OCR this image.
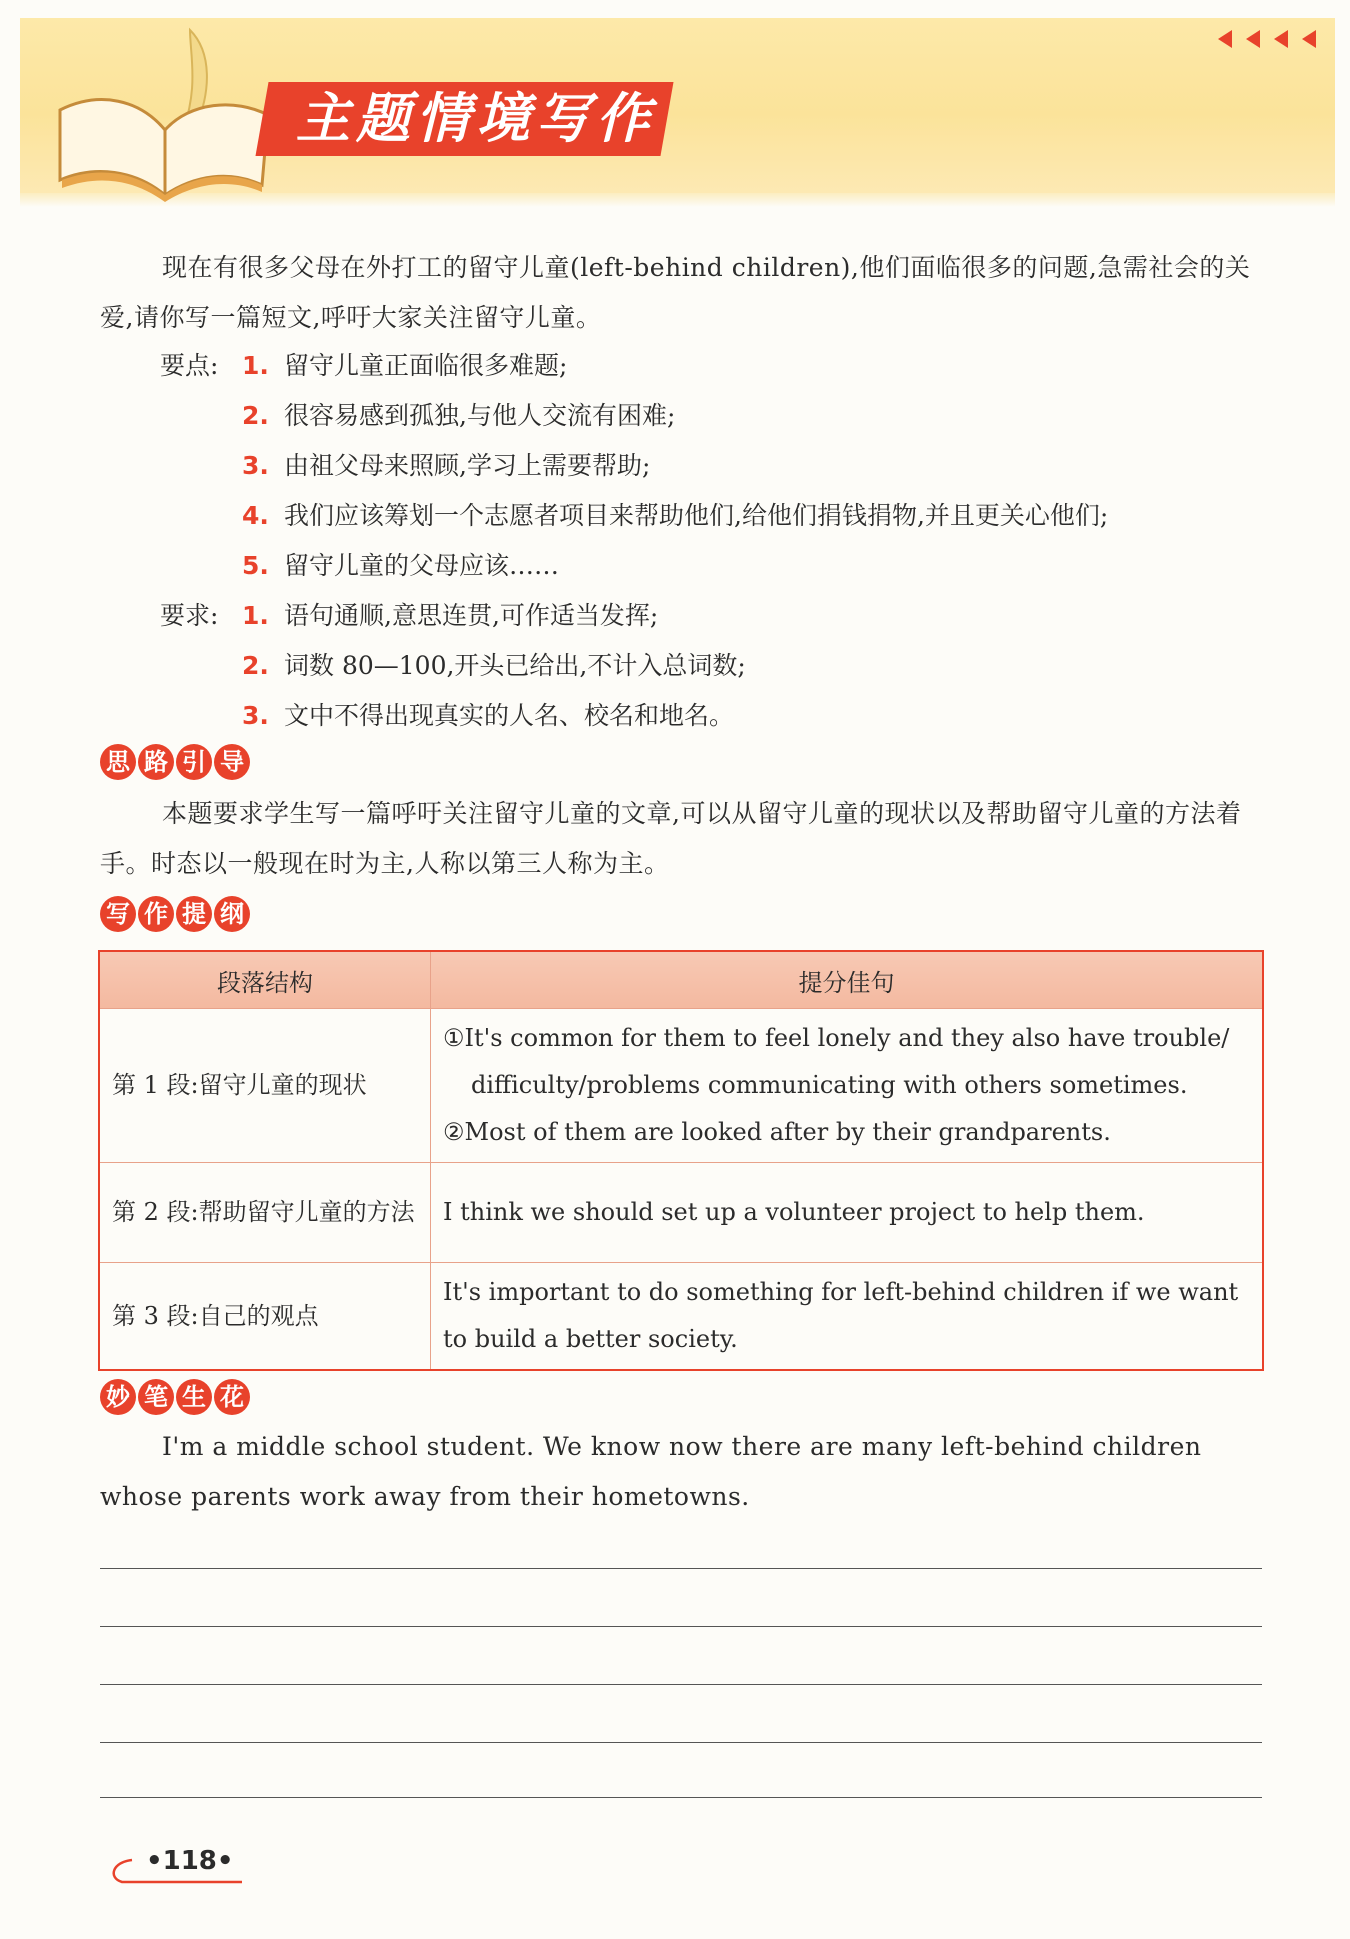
主题情境写作
现在有很多父母在外打工的留守儿童(left-behind children),他们面临很多的问题,急需社会的关爱,请你写一篇短文,呼吁大家关注留守儿童。
要点: 1. 留守儿童正面临很多难题;
2. 很容易感到孤独,与他人交流有困难;
3. 由祖父母来照顾,学习上需要帮助;
4. 我们应该筹划一个志愿者项目来帮助他们,给他们捐钱捐物,并且更关心他们;
5. 留守儿童的父母应该……
要求: 1. 语句通顺,意思连贯,可作适当发挥;
2. 词数 80—100,开头已给出,不计入总词数;
3. 文中不得出现真实的人名、校名和地名。
思 路 引 导
本题要求学生写一篇呼吁关注留守儿童的文章,可以从留守儿童的现状以及帮助留守儿童的方法着手。时态以一般现在时为主,人称以第三人称为主。
写 作 提 纲
段落结构	提分佳句
第 1 段:留守儿童的现状	①It's common for them to feel lonely and they also have trouble/
difficulty/problems communicating with others sometimes.
②Most of them are looked after by their grandparents.

第 2 段:帮助留守儿童的方法	I think we should set up a volunteer project to help them.
第 3 段:自己的观点	It's important to do something for left-behind children if we want to build a better society.
妙 笔 生 花
I'm a middle school student. We know now there are many left-behind children whose parents work away from their hometowns.
•118•
